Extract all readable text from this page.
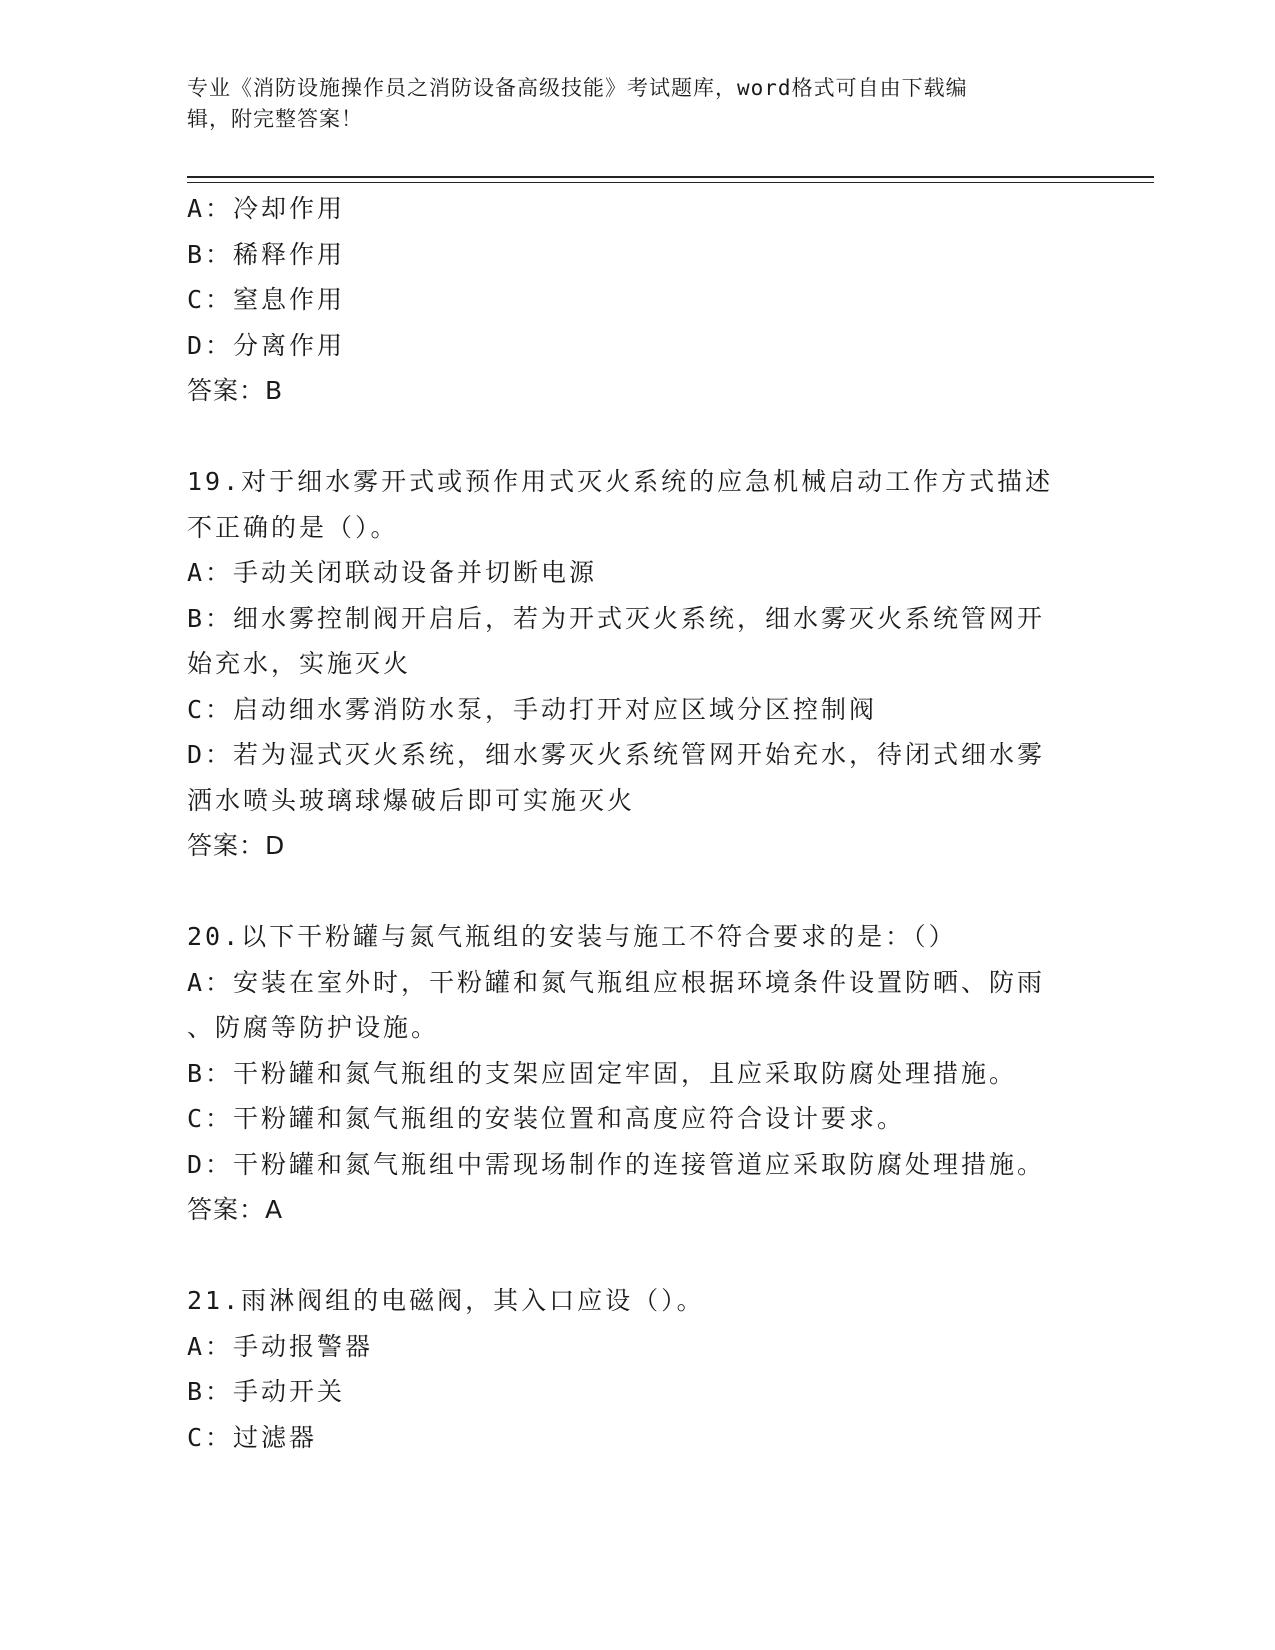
专业《消防设施操作员之消防设备高级技能》考试题库，word格式可自由下载编
辑，附完整答案！
A：冷却作用
B：稀释作用
C：窒息作用
D：分离作用
答案：B
19.对于细水雾开式或预作用式灭火系统的应急机械启动工作方式描述
不正确的是（）。
A：手动关闭联动设备并切断电源
B：细水雾控制阀开启后，若为开式灭火系统，细水雾灭火系统管网开
始充水，实施灭火
C：启动细水雾消防水泵，手动打开对应区域分区控制阀
D：若为湿式灭火系统，细水雾灭火系统管网开始充水，待闭式细水雾
洒水喷头玻璃球爆破后即可实施灭火
答案：D
20.以下干粉罐与氮气瓶组的安装与施工不符合要求的是：（）
A：安装在室外时，干粉罐和氮气瓶组应根据环境条件设置防晒、防雨
、防腐等防护设施。
B：干粉罐和氮气瓶组的支架应固定牢固，且应采取防腐处理措施。
C：干粉罐和氮气瓶组的安装位置和高度应符合设计要求。
D：干粉罐和氮气瓶组中需现场制作的连接管道应采取防腐处理措施。
答案：A
21.雨淋阀组的电磁阀，其入口应设（）。
A：手动报警器
B：手动开关
C：过滤器
